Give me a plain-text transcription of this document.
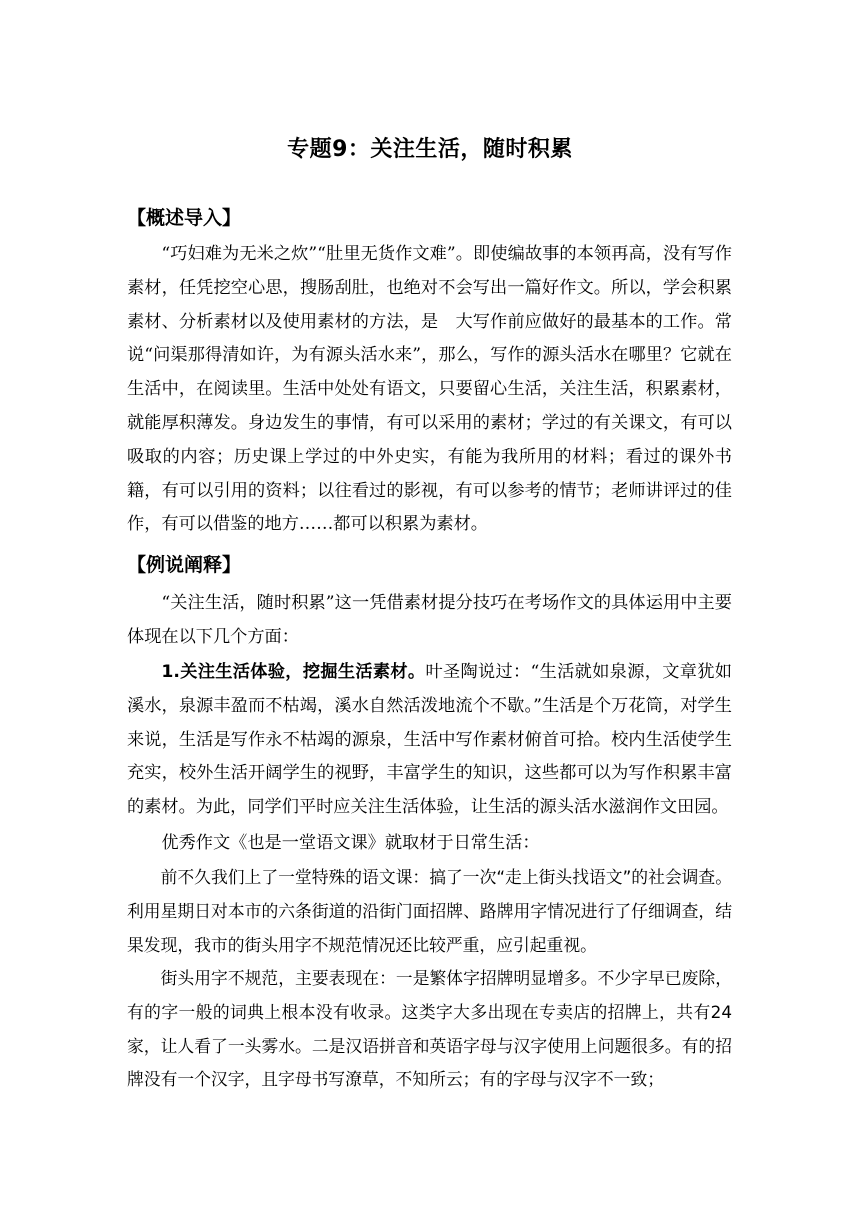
专题9：关注生活，随时积累
【概述导入】
“巧妇难为无米之炊”“肚里无货作文难”。即使编故事的本领再高，没有写作素材，任凭挖空心思，搜肠刮肚，也绝对不会写出一篇好作文。所以，学会积累素材、分析素材以及使用素材的方法，是　大写作前应做好的最基本的工作。常说“问渠那得清如许，为有源头活水来”，那么，写作的源头活水在哪里？它就在生活中，在阅读里。生活中处处有语文，只要留心生活，关注生活，积累素材，就能厚积薄发。身边发生的事情，有可以采用的素材；学过的有关课文，有可以吸取的内容；历史课上学过的中外史实，有能为我所用的材料；看过的课外书籍，有可以引用的资料；以往看过的影视，有可以参考的情节；老师讲评过的佳作，有可以借鉴的地方……都可以积累为素材。
【例说阐释】
“关注生活，随时积累”这一凭借素材提分技巧在考场作文的具体运用中主要体现在以下几个方面：
1.关注生活体验，挖掘生活素材。叶圣陶说过：“生活就如泉源，文章犹如溪水，泉源丰盈而不枯竭，溪水自然活泼地流个不歇。”生活是个万花筒，对学生来说，生活是写作永不枯竭的源泉，生活中写作素材俯首可拾。校内生活使学生充实，校外生活开阔学生的视野，丰富学生的知识，这些都可以为写作积累丰富的素材。为此，同学们平时应关注生活体验，让生活的源头活水滋润作文田园。
优秀作文《也是一堂语文课》就取材于日常生活：
前不久我们上了一堂特殊的语文课：搞了一次“走上街头找语文”的社会调查。利用星期日对本市的六条街道的沿街门面招牌、路牌用字情况进行了仔细调查，结果发现，我市的街头用字不规范情况还比较严重，应引起重视。
街头用字不规范，主要表现在：一是繁体字招牌明显增多。不少字早已废除，有的字一般的词典上根本没有收录。这类字大多出现在专卖店的招牌上，共有24家，让人看了一头雾水。二是汉语拼音和英语字母与汉字使用上问题很多。有的招牌没有一个汉字，且字母书写潦草，不知所云；有的字母与汉字不一致；
